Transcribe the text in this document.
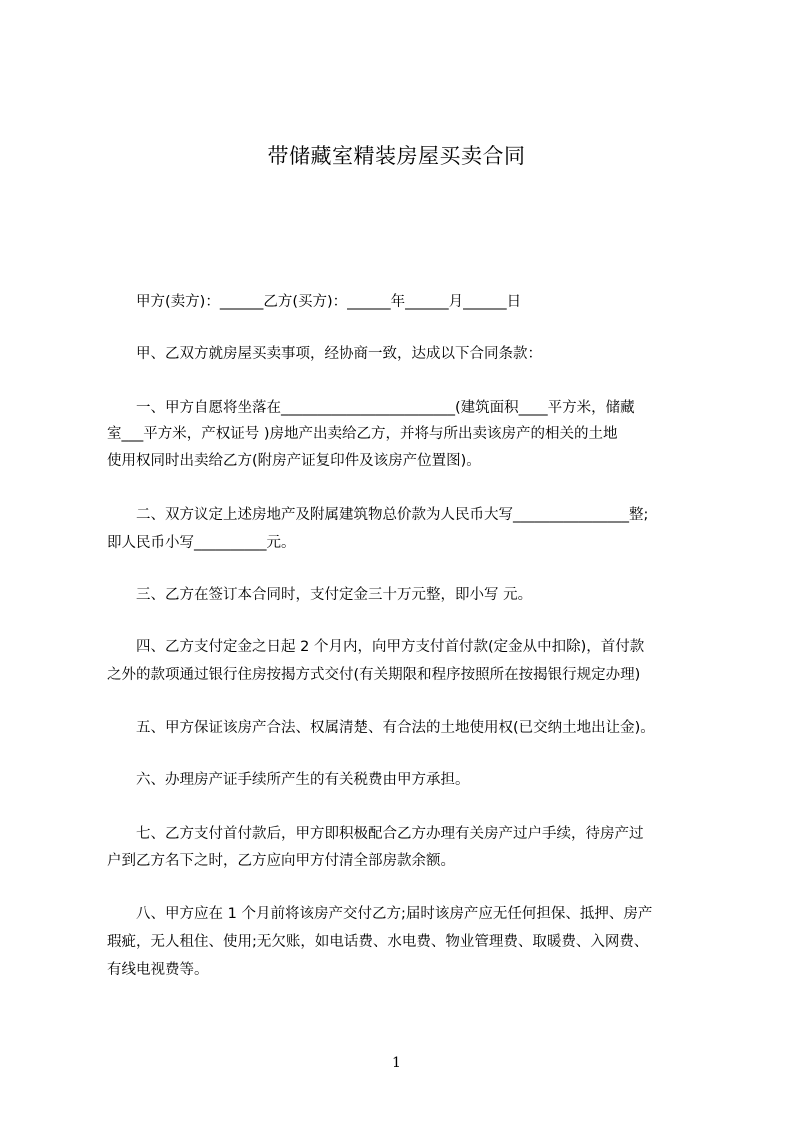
带储藏室精装房屋买卖合同
甲方(卖方)：______乙方(买方)：______年______月______日
甲、乙双方就房屋买卖事项，经协商一致，达成以下合同条款：
一、甲方自愿将坐落在________________________(建筑面积____平方米，储藏
室___平方米，产权证号 )房地产出卖给乙方，并将与所出卖该房产的相关的土地
使用权同时出卖给乙方(附房产证复印件及该房产位置图)。
二、双方议定上述房地产及附属建筑物总价款为人民币大写________________整;
即人民币小写__________元。
三、乙方在签订本合同时，支付定金三十万元整，即小写 元。
四、乙方支付定金之日起 2 个月内，向甲方支付首付款(定金从中扣除)，首付款
之外的款项通过银行住房按揭方式交付(有关期限和程序按照所在按揭银行规定办理)
五、甲方保证该房产合法、权属清楚、有合法的土地使用权(已交纳土地出让金)。
六、办理房产证手续所产生的有关税费由甲方承担。
七、乙方支付首付款后，甲方即积极配合乙方办理有关房产过户手续，待房产过
户到乙方名下之时，乙方应向甲方付清全部房款余额。
八、甲方应在 1 个月前将该房产交付乙方;届时该房产应无任何担保、抵押、房产
瑕疵，无人租住、使用;无欠账，如电话费、水电费、物业管理费、取暖费、入网费、
有线电视费等。
1
